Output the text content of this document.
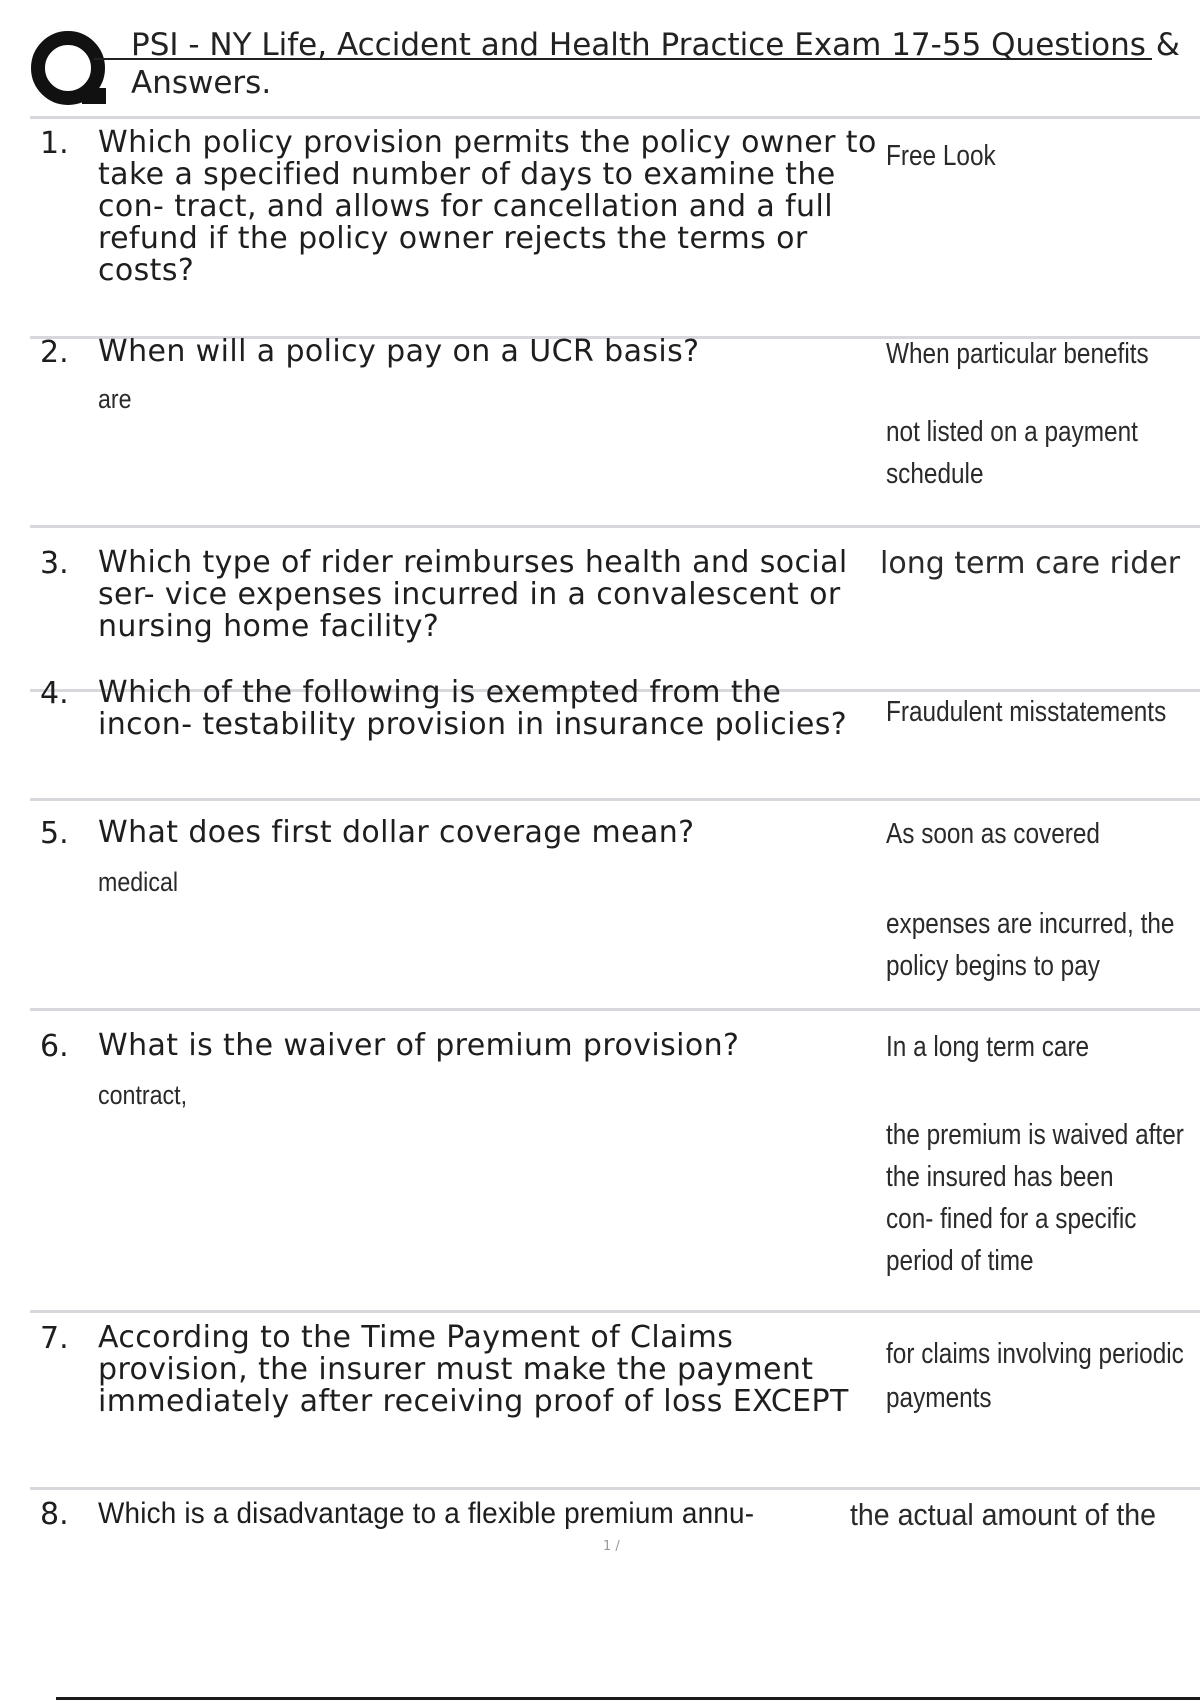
PSI - NY Life, Accident and Health Practice Exam 17-55 Questions & Answers.
1. Which policy provision permits the policy owner to take a specified number of days to examine the con- tract, and allows for cancellation and a full refund if the policy owner rejects the terms or costs?
Free Look
2. When will a policy pay on a UCR basis?
are
When particular benefits
not listed on a payment
schedule
3. Which type of rider reimburses health and social ser- vice expenses incurred in a convalescent or nursing home facility?
long term care rider
4. Which of the following is exempted from the incon- testability provision in insurance policies?	Fraudulent misstatements
5. What does first dollar coverage mean?
medical
As soon as covered
expenses are incurred, the
policy begins to pay
6. What is the waiver of premium provision?
contract,
In a long term care
the premium is waived after
the insured has been
con- fined for a specific
period of time
7. According to the Time Payment of Claims provision, the insurer must make the payment immediately after receiving proof of loss EXCEPT
for claims involving periodic
payments
8. Which is a disadvantage to a flexible premium annu-	the actual amount of the
1 /
